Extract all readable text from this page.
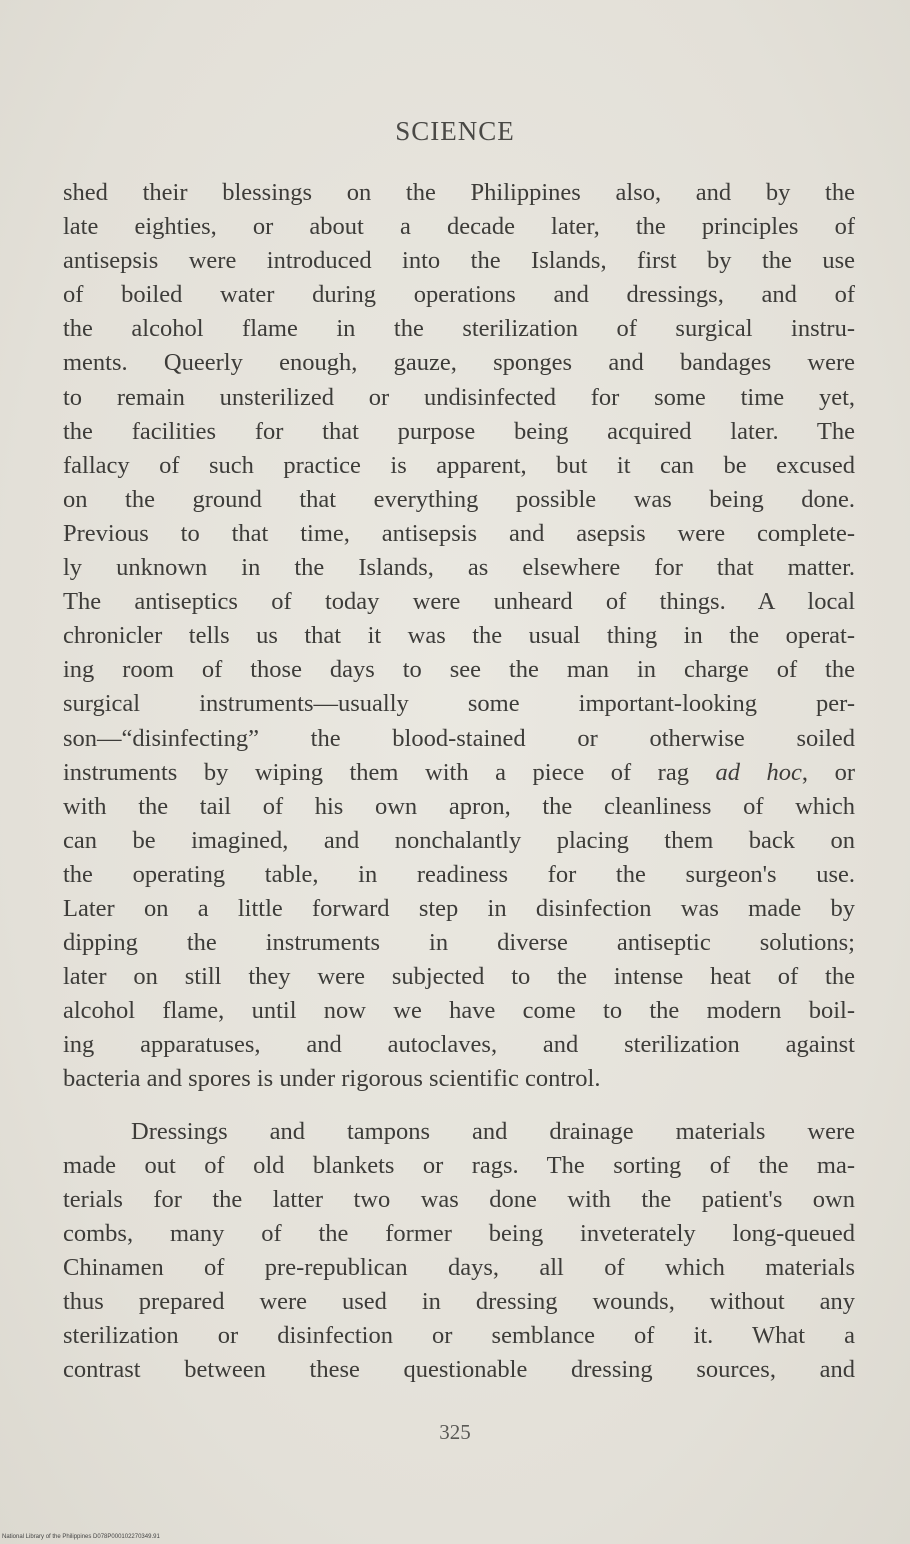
SCIENCE
shed their blessings on the Philippines also, and by the
late eighties, or about a decade later, the principles of
antisepsis were introduced into the Islands, first by the use
of boiled water during operations and dressings, and of
the alcohol flame in the sterilization of surgical instru-
ments. Queerly enough, gauze, sponges and bandages were
to remain unsterilized or undisinfected for some time yet,
the facilities for that purpose being acquired later. The
fallacy of such practice is apparent, but it can be excused
on the ground that everything possible was being done.
Previous to that time, antisepsis and asepsis were complete-
ly unknown in the Islands, as elsewhere for that matter.
The antiseptics of today were unheard of things. A local
chronicler tells us that it was the usual thing in the operat-
ing room of those days to see the man in charge of the
surgical instruments—usually some important-looking per-
son—“disinfecting” the blood-stained or otherwise soiled
instruments by wiping them with a piece of rag ad hoc, or
with the tail of his own apron, the cleanliness of which
can be imagined, and nonchalantly placing them back on
the operating table, in readiness for the surgeon's use.
Later on a little forward step in disinfection was made by
dipping the instruments in diverse antiseptic solutions;
later on still they were subjected to the intense heat of the
alcohol flame, until now we have come to the modern boil-
ing apparatuses, and autoclaves, and sterilization against
bacteria and spores is under rigorous scientific control.
Dressings and tampons and drainage materials were
made out of old blankets or rags. The sorting of the ma-
terials for the latter two was done with the patient's own
combs, many of the former being inveterately long-queued
Chinamen of pre-republican days, all of which materials
thus prepared were used in dressing wounds, without any
sterilization or disinfection or semblance of it. What a
contrast between these questionable dressing sources, and
325
National Library of the Philippines D078P000102270349.91
